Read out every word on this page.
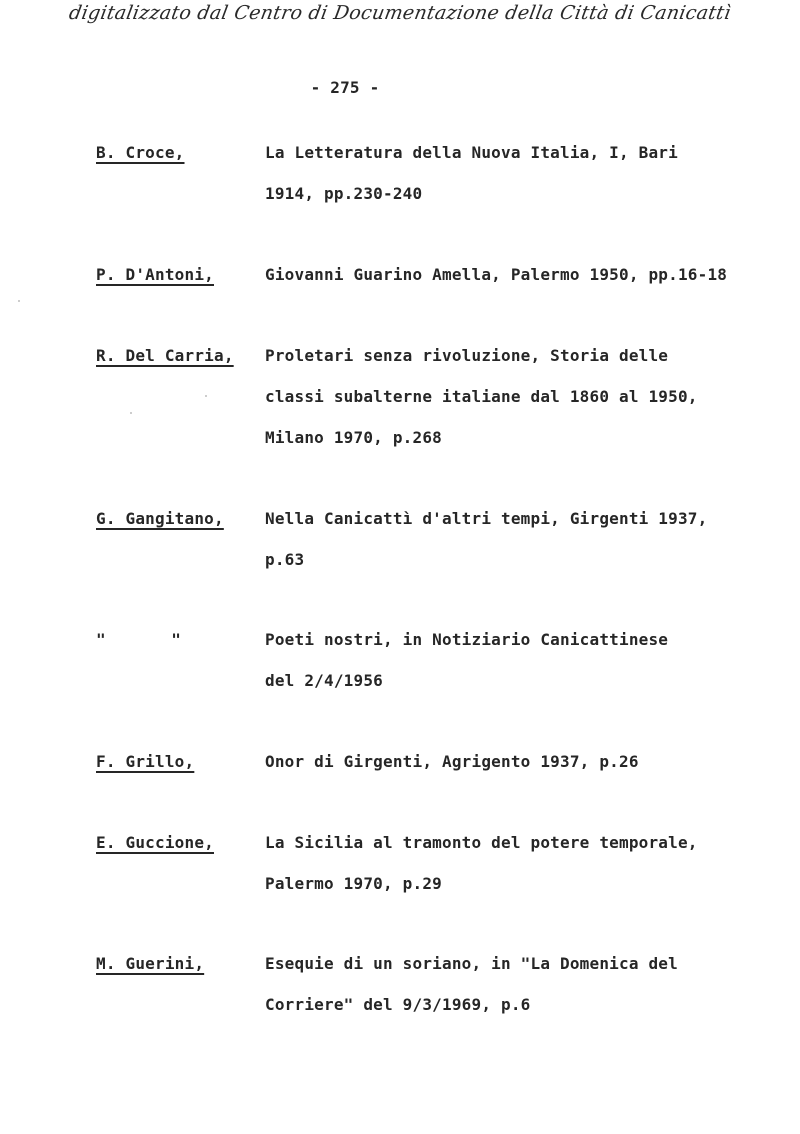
digitalizzato dal Centro di Documentazione della Città di Canicattì
- 275 -
B. Croce,	La Letteratura della Nuova Italia, I, Bari
1914, pp.230-240
P. D'Antoni,	Giovanni Guarino Amella, Palermo 1950, pp.16-18
R. Del Carria, Proletari senza rivoluzione, Storia delle
classi subalterne italiane dal 1860 al 1950,
Milano 1970, p.268
G. Gangitano,	Nella Canicattì d'altri tempi, Girgenti 1937,
p.63
" "	Poeti nostri, in Notiziario Canicattinese
del 2/4/1956
F. Grillo,	Onor di Girgenti, Agrigento 1937, p.26
E. Guccione,	La Sicilia al tramonto del potere temporale,
Palermo 1970, p.29
M. Guerini,	Esequie di un soriano, in "La Domenica del
Corriere" del 9/3/1969, p.6
